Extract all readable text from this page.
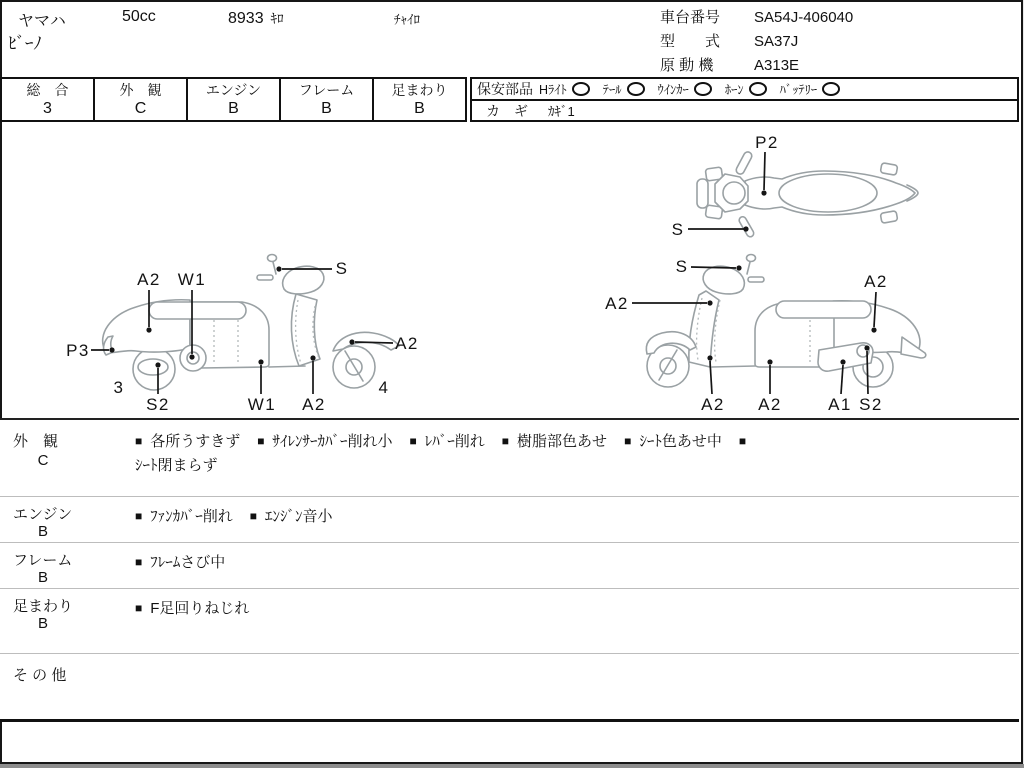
ヤマハ
ﾋﾞｰﾉ
50cc	8933 ｷﾛ	ﾁｬｲﾛ	車台番号 SA54J-406040
型　　式 SA37J
原 動 機	A313E
総　合
3
外　観
C
エンジン
B
フレーム
B
足まわり
B
保安部品 Hﾗｲﾄ	ﾃｰﾙ	ｳｲﾝｶｰ	ﾎｰﾝ	ﾊﾞｯﾃﾘｰ
カ　ギ	ｶｷﾞ1
P2
S
A2 W1
S
P3	A2
3
S2	W1 A2
4
S
A2
A2
A2 A2	A1 S2
外　観
C
■ 各所うすきず ■ ｻｲﾚﾝｻｰｶﾊﾞｰ削れ小 ■ ﾚﾊﾞｰ削れ ■ 樹脂部色あせ ■ ｼｰﾄ色あせ中 ■
ｼｰﾄ閉まらず
エンジン
B
■ ﾌｧﾝｶﾊﾞｰ削れ ■ ｴﾝｼﾞﾝ音小
フレーム
B
■ ﾌﾚｰﾑさび中
足まわり
B
■ F足回りねじれ
そ の 他
